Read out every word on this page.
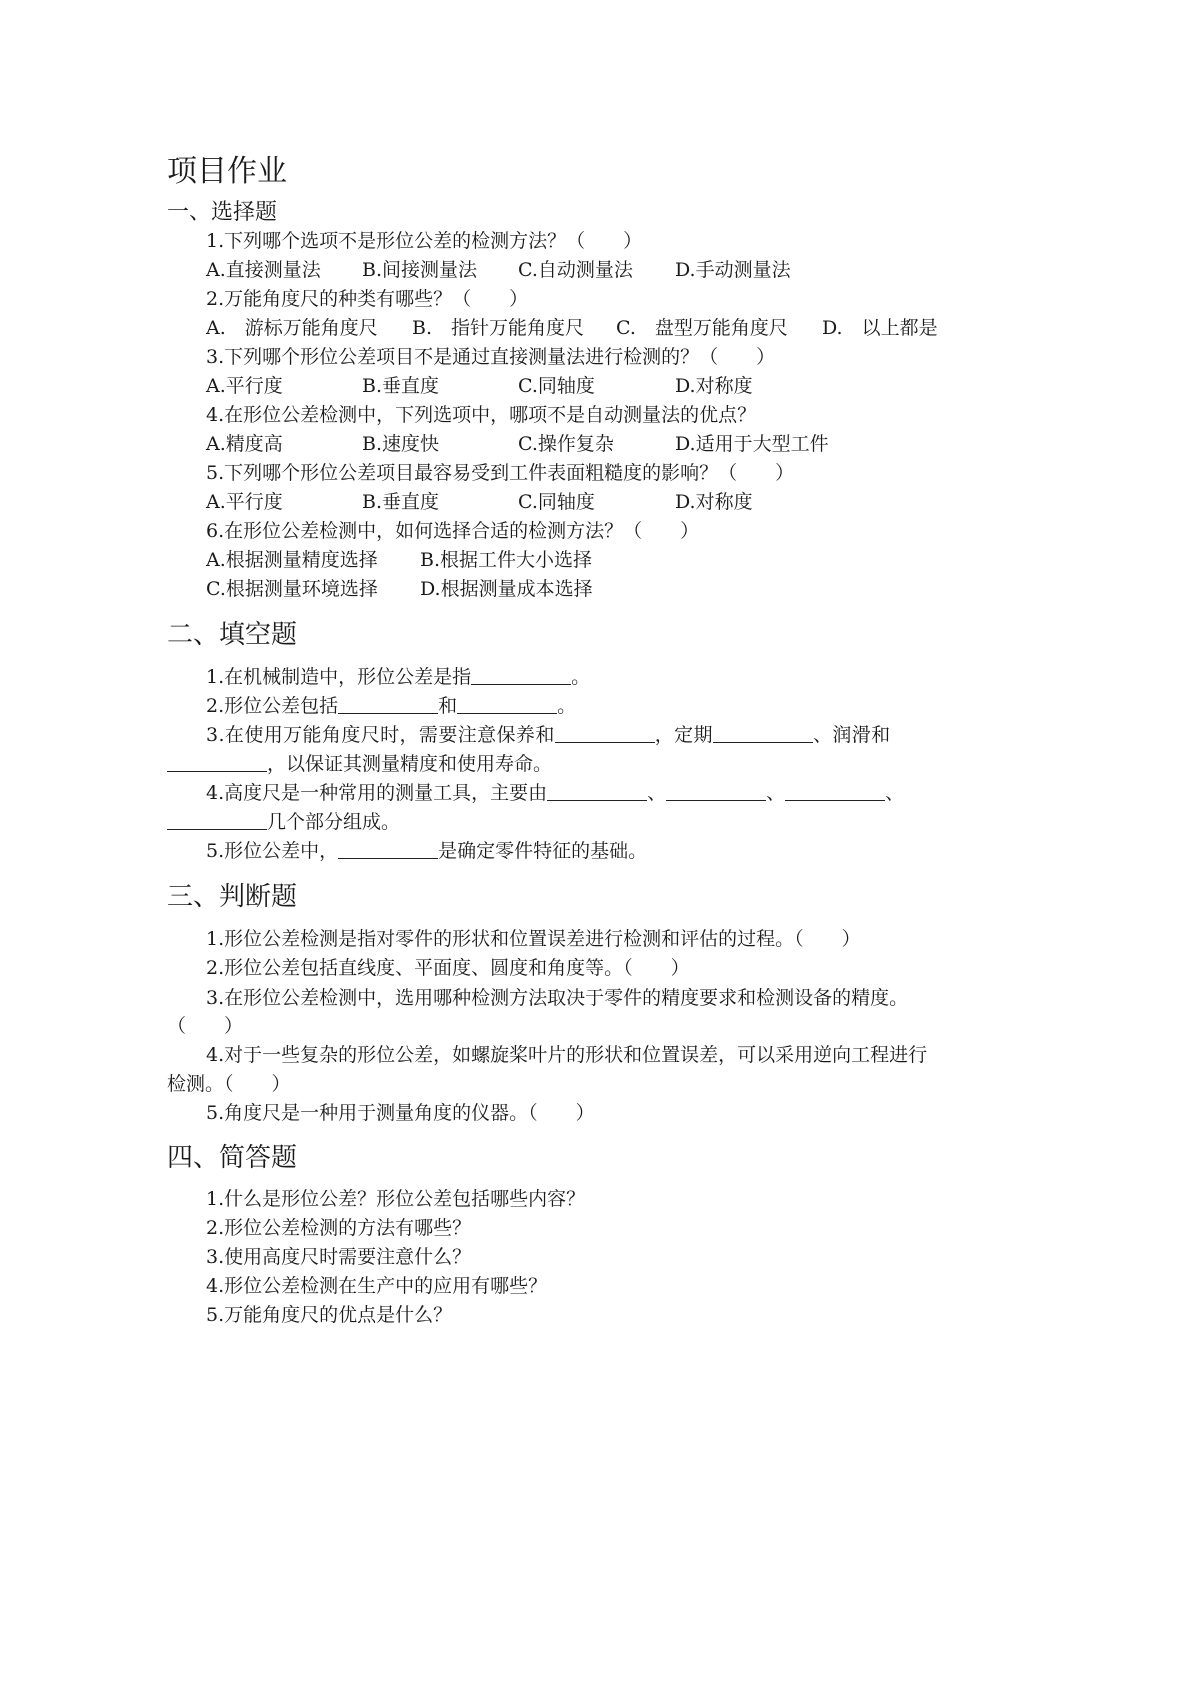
项目作业
一、选择题
1.下列哪个选项不是形位公差的检测方法？（　　）
A.直接测量法 B.间接测量法 C.自动测量法 D.手动测量法
2.万能角度尺的种类有哪些？（　　）
A.　游标万能角度尺 B.　指针万能角度尺 C.　盘型万能角度尺 D.　以上都是
3.下列哪个形位公差项目不是通过直接测量法进行检测的？（　　）
A.平行度	B.垂直度	C.同轴度	D.对称度
4.在形位公差检测中，下列选项中，哪项不是自动测量法的优点？
A.精度高	B.速度快	C.操作复杂	D.适用于大型工件
5.下列哪个形位公差项目最容易受到工件表面粗糙度的影响？（　　）
A.平行度	B.垂直度	C.同轴度	D.对称度
6.在形位公差检测中，如何选择合适的检测方法？（　　）
A.根据测量精度选择 B.根据工件大小选择
C.根据测量环境选择 D.根据测量成本选择
二、填空题
1.在机械制造中，形位公差是指	。
2.形位公差包括	和	。
3.在使用万能角度尺时，需要注意保养和	，定期	、润滑和
，以保证其测量精度和使用寿命。
4.高度尺是一种常用的测量工具，主要由	、	、	、
几个部分组成。
5.形位公差中，	是确定零件特征的基础。
三、判断题
1.形位公差检测是指对零件的形状和位置误差进行检测和评估的过程。（　　）
2.形位公差包括直线度、平面度、圆度和角度等。（　　）
3.在形位公差检测中，选用哪种检测方法取决于零件的精度要求和检测设备的精度。
（　　）
4.对于一些复杂的形位公差，如螺旋桨叶片的形状和位置误差，可以采用逆向工程进行
检测。（　　）
5.角度尺是一种用于测量角度的仪器。（　　）
四、简答题
1.什么是形位公差？形位公差包括哪些内容？
2.形位公差检测的方法有哪些？
3.使用高度尺时需要注意什么？
4.形位公差检测在生产中的应用有哪些？
5.万能角度尺的优点是什么？
